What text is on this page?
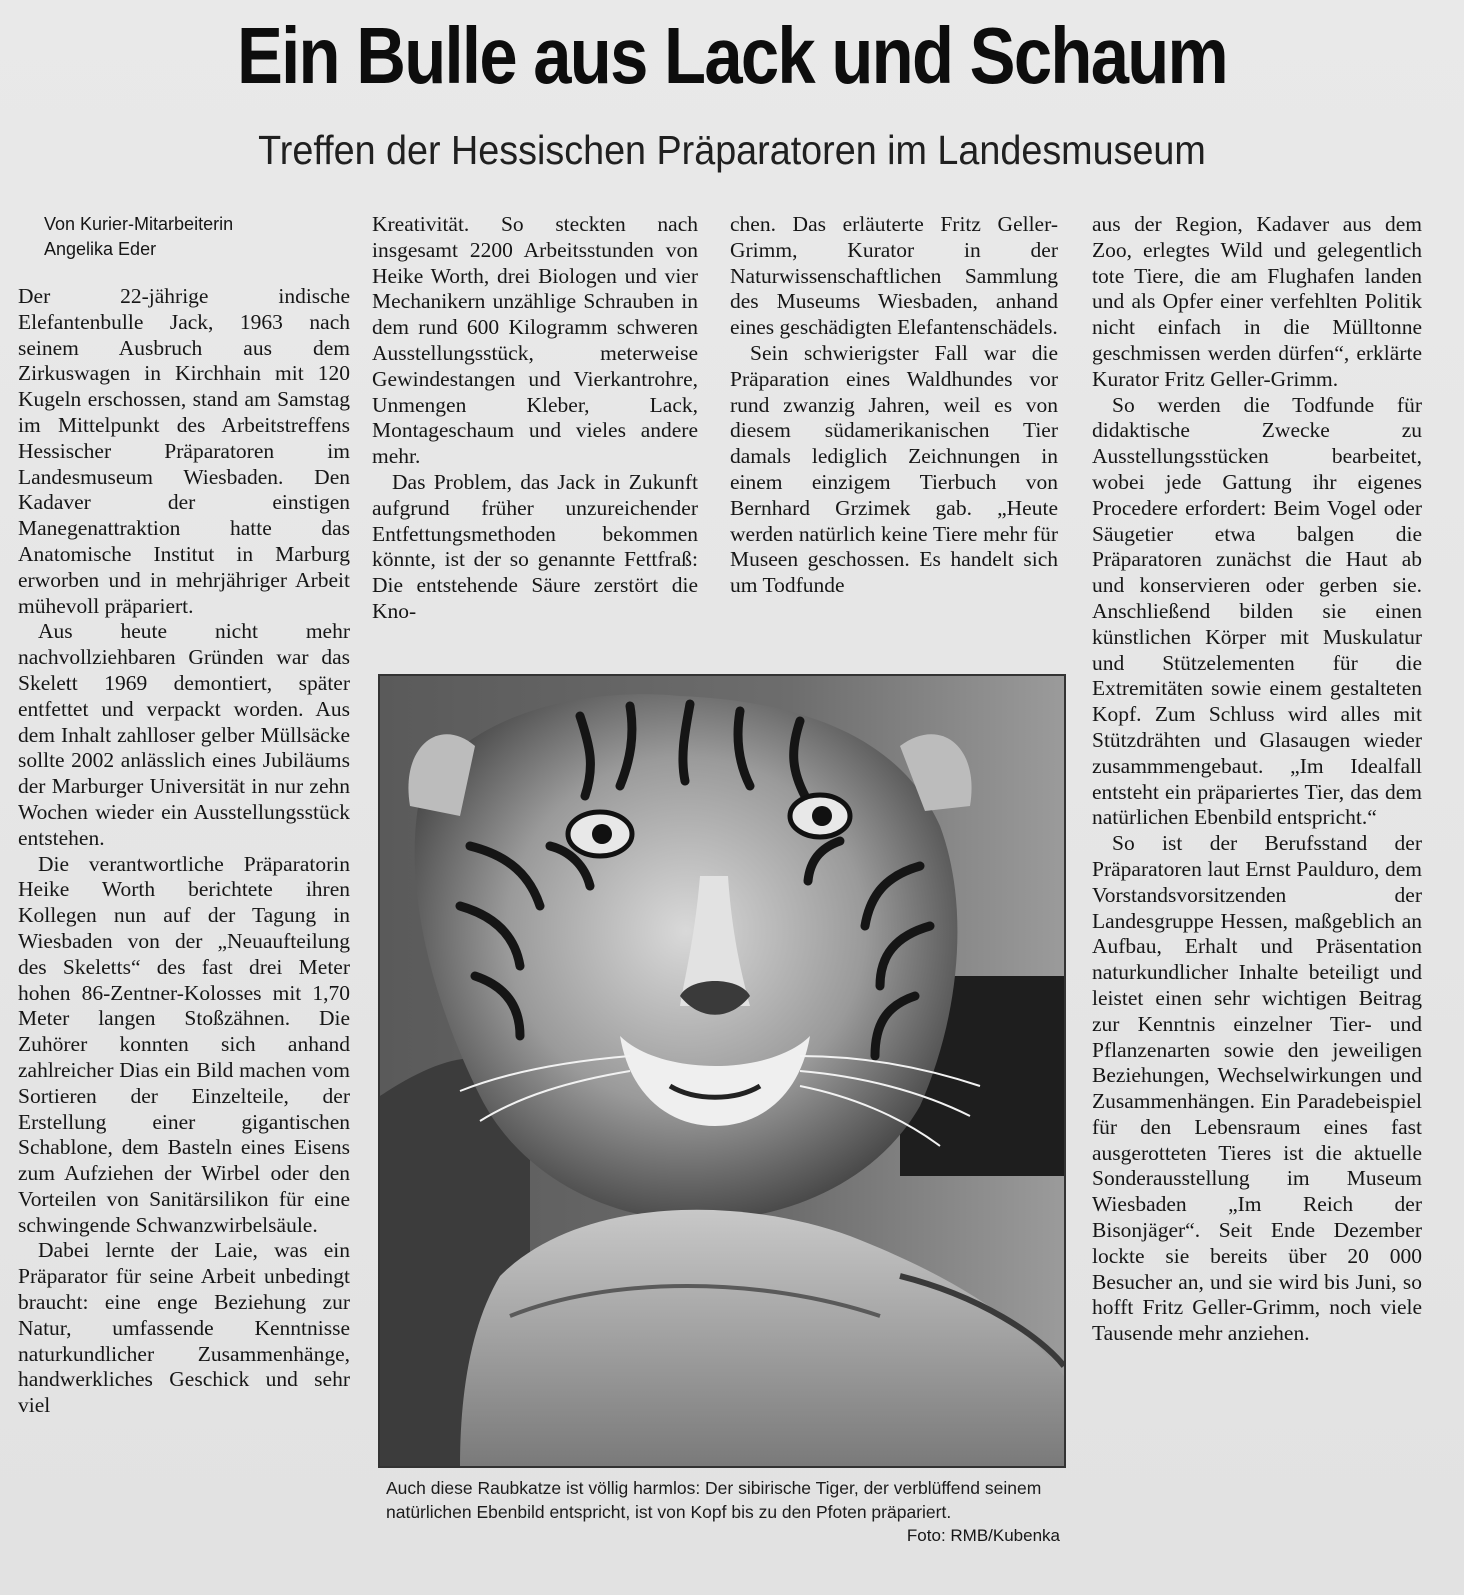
Ein Bulle aus Lack und Schaum
Treffen der Hessischen Präparatoren im Landesmuseum
Von Kurier-Mitarbeiterin
Angelika Eder

Der 22-jährige indische Elefantenbulle Jack, 1963 nach seinem Ausbruch aus dem Zirkuswagen in Kirchhain mit 120 Kugeln erschossen, stand am Samstag im Mittelpunkt des Arbeitstreffens Hessischer Präparatoren im Landesmuseum Wiesbaden. Den Kadaver der einstigen Manegenattraktion hatte das Anatomische Institut in Marburg erworben und in mehrjähriger Arbeit mühevoll präpariert.

Aus heute nicht mehr nachvollziehbaren Gründen war das Skelett 1969 demontiert, später entfettet und verpackt worden. Aus dem Inhalt zahlloser gelber Müllsäcke sollte 2002 anlässlich eines Jubiläums der Marburger Universität in nur zehn Wochen wieder ein Ausstellungsstück entstehen.

Die verantwortliche Präparatorin Heike Worth berichtete ihren Kollegen nun auf der Tagung in Wiesbaden von der „Neuaufteilung des Skeletts“ des fast drei Meter hohen 86-Zentner-Kolosses mit 1,70 Meter langen Stoßzähnen. Die Zuhörer konnten sich anhand zahlreicher Dias ein Bild machen vom Sortieren der Einzelteile, der Erstellung einer gigantischen Schablone, dem Basteln eines Eisens zum Aufziehen der Wirbel oder den Vorteilen von Sanitärsilikon für eine schwingende Schwanzwirbelsäule.

Dabei lernte der Laie, was ein Präparator für seine Arbeit unbedingt braucht: eine enge Beziehung zur Natur, umfassende Kenntnisse naturkundlicher Zusammenhänge, handwerkliches Geschick und sehr viel

Kreativität. So steckten nach insgesamt 2200 Arbeitsstunden von Heike Worth, drei Biologen und vier Mechanikern unzählige Schrauben in dem rund 600 Kilogramm schweren Ausstellungsstück, meterweise Gewindestangen und Vierkantrohre, Unmengen Kleber, Lack, Montageschaum und vieles andere mehr.

Das Problem, das Jack in Zukunft aufgrund früher unzureichender Entfettungsmethoden bekommen könnte, ist der so genannte Fettfraß: Die entstehende Säure zerstört die Kno-

chen. Das erläuterte Fritz Geller-Grimm, Kurator in der Naturwissenschaftlichen Sammlung des Museums Wiesbaden, anhand eines geschädigten Elefantenschädels.

Sein schwierigster Fall war die Präparation eines Waldhundes vor rund zwanzig Jahren, weil es von diesem südamerikanischen Tier damals lediglich Zeichnungen in einem einzigem Tierbuch von Bernhard Grzimek gab. „Heute werden natürlich keine Tiere mehr für Museen geschossen. Es handelt sich um Todfunde

aus der Region, Kadaver aus dem Zoo, erlegtes Wild und gelegentlich tote Tiere, die am Flughafen landen und als Opfer einer verfehlten Politik nicht einfach in die Mülltonne geschmissen werden dürfen“, erklärte Kurator Fritz Geller-Grimm.

So werden die Todfunde für didaktische Zwecke zu Ausstellungsstücken bearbeitet, wobei jede Gattung ihr eigenes Procedere erfordert: Beim Vogel oder Säugetier etwa balgen die Präparatoren zunächst die Haut ab und konservieren oder gerben sie. Anschließend bilden sie einen künstlichen Körper mit Muskulatur und Stützelementen für die Extremitäten sowie einem gestalteten Kopf. Zum Schluss wird alles mit Stützdrähten und Glasaugen wieder zusammmengebaut. „Im Idealfall entsteht ein präpariertes Tier, das dem natürlichen Ebenbild entspricht.“

So ist der Berufsstand der Präparatoren laut Ernst Paulduro, dem Vorstandsvorsitzenden der Landesgruppe Hessen, maßgeblich an Aufbau, Erhalt und Präsentation naturkundlicher Inhalte beteiligt und leistet einen sehr wichtigen Beitrag zur Kenntnis einzelner Tier- und Pflanzenarten sowie den jeweiligen Beziehungen, Wechselwirkungen und Zusammenhängen. Ein Paradebeispiel für den Lebensraum eines fast ausgerotteten Tieres ist die aktuelle Sonderausstellung im Museum Wiesbaden „Im Reich der Bisonjäger“. Seit Ende Dezember lockte sie bereits über 20 000 Besucher an, und sie wird bis Juni, so hofft Fritz Geller-Grimm, noch viele Tausende mehr anziehen.

Auch diese Raubkatze ist völlig harmlos: Der sibirische Tiger, der verblüffend seinem natürlichen Ebenbild entspricht, ist von Kopf bis zu den Pfoten präpariert.
Foto: RMB/Kubenka
